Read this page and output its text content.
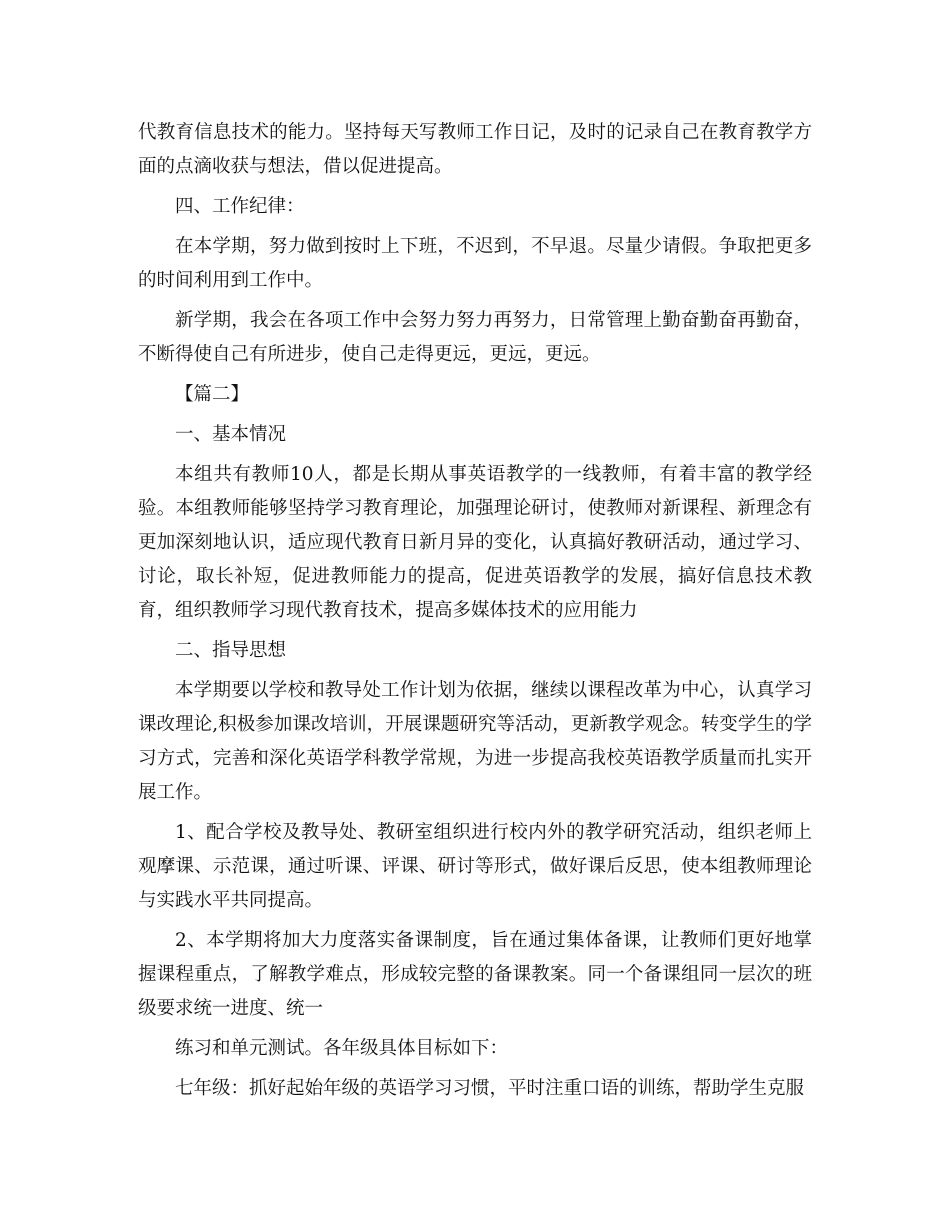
代教育信息技术的能力。坚持每天写教师工作日记，及时的记录自己在教育教学方面的点滴收获与想法，借以促进提高。

四、工作纪律：

在本学期，努力做到按时上下班，不迟到，不早退。尽量少请假。争取把更多的时间利用到工作中。

新学期，我会在各项工作中会努力努力再努力，日常管理上勤奋勤奋再勤奋，不断得使自己有所进步，使自己走得更远，更远，更远。

【篇二】

一、基本情况

本组共有教师10人，都是长期从事英语教学的一线教师，有着丰富的教学经验。本组教师能够坚持学习教育理论，加强理论研讨，使教师对新课程、新理念有更加深刻地认识，适应现代教育日新月异的变化，认真搞好教研活动，通过学习、讨论，取长补短，促进教师能力的提高，促进英语教学的发展，搞好信息技术教育，组织教师学习现代教育技术，提高多媒体技术的应用能力

二、指导思想

本学期要以学校和教导处工作计划为依据，继续以课程改革为中心，认真学习课改理论,积极参加课改培训，开展课题研究等活动，更新教学观念。转变学生的学习方式，完善和深化英语学科教学常规，为进一步提高我校英语教学质量而扎实开展工作。

1、配合学校及教导处、教研室组织进行校内外的教学研究活动，组织老师上观摩课、示范课，通过听课、评课、研讨等形式，做好课后反思，使本组教师理论与实践水平共同提高。

2、本学期将加大力度落实备课制度，旨在通过集体备课，让教师们更好地掌握课程重点，了解教学难点，形成较完整的备课教案。同一个备课组同一层次的班级要求统一进度、统一

练习和单元测试。各年级具体目标如下：

七年级：抓好起始年级的英语学习习惯，平时注重口语的训练，帮助学生克服
